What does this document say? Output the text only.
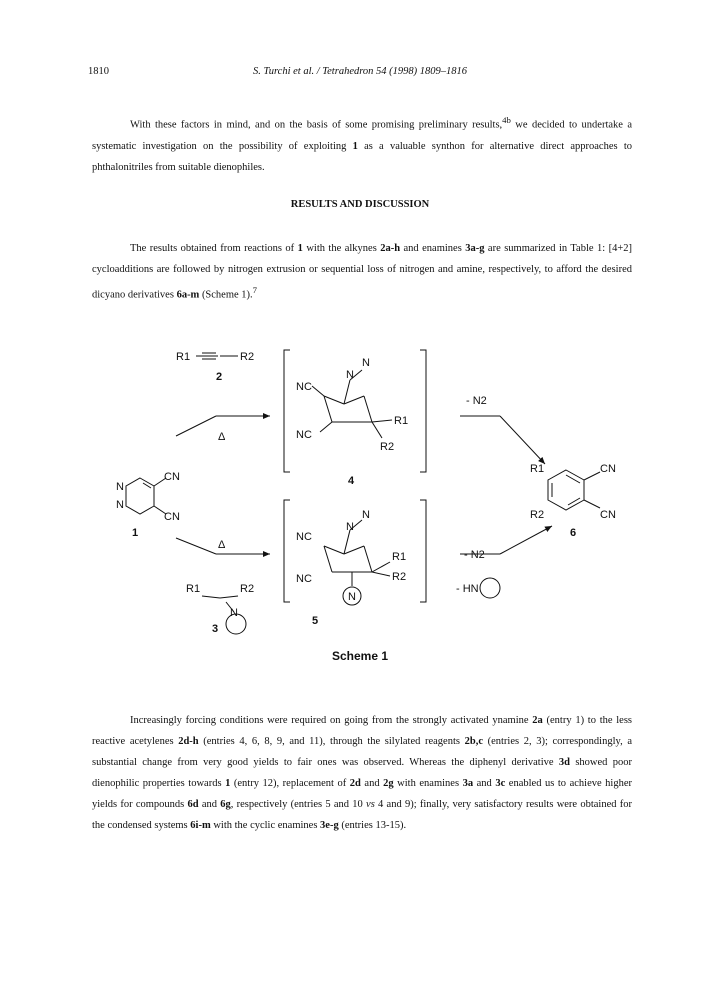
1810	S. Turchi et al. / Tetrahedron 54 (1998) 1809–1816

With these factors in mind, and on the basis of some promising preliminary results,$^{4b}$ we decided to undertake a systematic investigation on the possibility of exploiting 1 as a valuable synthon for alternative direct approaches to phthalonitriles from suitable dienophiles.

RESULTS AND DISCUSSION

The results obtained from reactions of 1 with the alkynes 2a-h and enamines 3a-g are summarized in Table 1: [4+2] cycloadditions are followed by nitrogen extrusion or sequential loss of nitrogen and amine, respectively, to afford the desired dicyano derivatives 6a-m (Scheme 1).$^7$

R1	R2
2
Δ
Δ
CN
CN
N
N
1
N
N
NC
NC
R1
R2
4
- N2
N
N
NC
NC
R1
R2
N
5
- N2
- HN
R1	R2
N
3
R1
R2
CN
CN
6
Scheme 1

Increasingly forcing conditions were required on going from the strongly activated ynamine 2a (entry 1) to the less reactive acetylenes 2d-h (entries 4, 6, 8, 9, and 11), through the silylated reagents 2b,c (entries 2, 3); correspondingly, a substantial change from very good yields to fair ones was observed. Whereas the diphenyl derivative 3d showed poor dienophilic properties towards 1 (entry 12), replacement of 2d and 2g with enamines 3a and 3c enabled us to achieve higher yields for compounds 6d and 6g, respectively (entries 5 and 10 vs 4 and 9); finally, very satisfactory results were obtained for the condensed systems 6i-m with the cyclic enamines 3e-g (entries 13-15).
